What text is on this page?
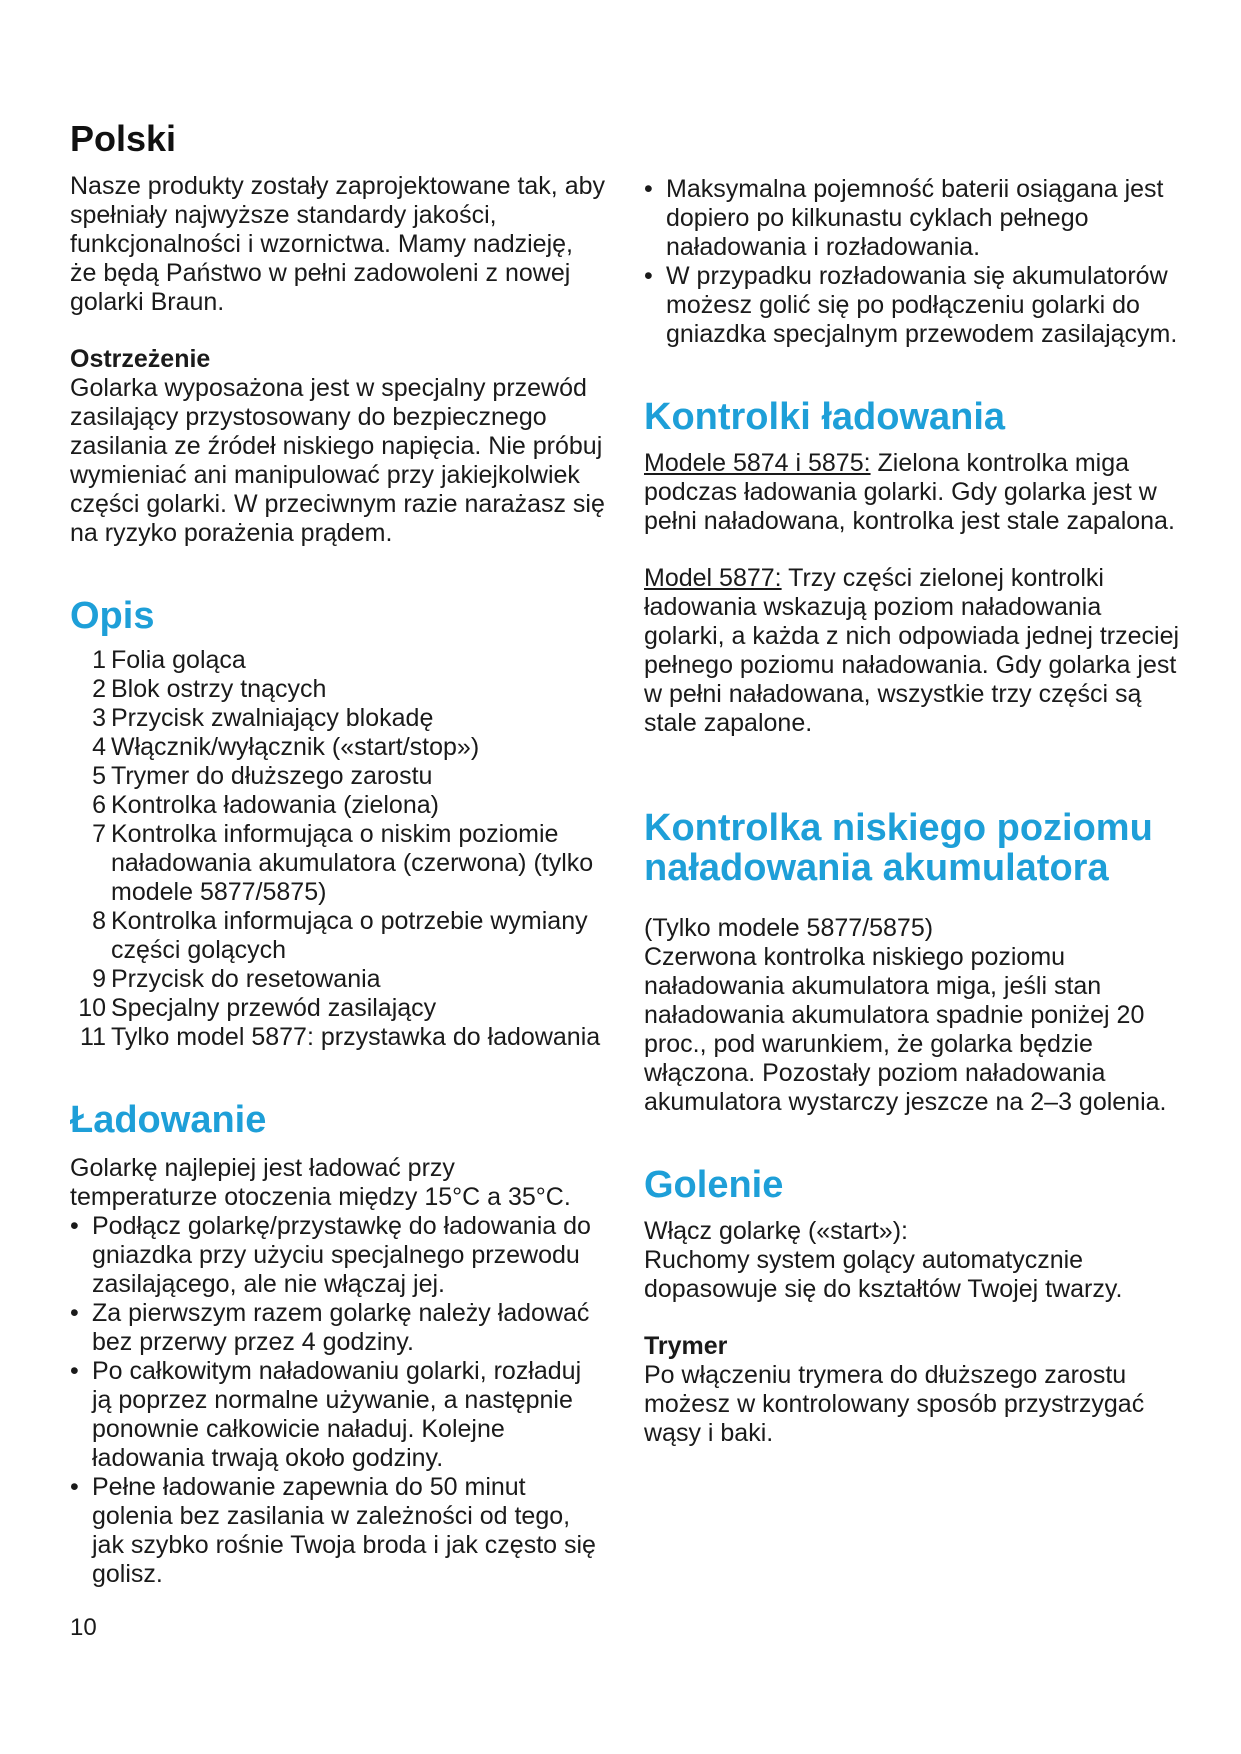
Polski

Nasze produkty zostały zaprojektowane tak, aby spełniały najwyższe standardy jakości, funkcjonalności i wzornictwa. Mamy nadzieję, że będą Państwo w pełni zadowoleni z nowej golarki Braun.

Ostrzeżenie

Golarka wyposażona jest w specjalny przewód zasilający przystosowany do bezpiecznego zasilania ze źródeł niskiego napięcia. Nie próbuj wymieniać ani manipulować przy jakiejkolwiek części golarki. W przeciwnym razie narażasz się na ryzyko porażenia prądem.

Opis
1 Folia goląca
2 Blok ostrzy tnących
3 Przycisk zwalniający blokadę
4 Włącznik/wyłącznik («start/stop»)
5 Trymer do dłuższego zarostu
6 Kontrolka ładowania (zielona)
7 Kontrolka informująca o niskim poziomie naładowania akumulatora (czerwona) (tylko modele 5877/5875)
8 Kontrolka informująca o potrzebie wymiany części golących
9 Przycisk do resetowania
10 Specjalny przewód zasilający
11 Tylko model 5877: przystawka do ładowania
Ładowanie

Golarkę najlepiej jest ładować przy temperaturze otoczenia między 15°C a 35°C.

• Podłącz golarkę/przystawkę do ładowania do gniazdka przy użyciu specjalnego przewodu zasilającego, ale nie włączaj jej.
• Za pierwszym razem golarkę należy ładować bez przerwy przez 4 godziny.
• Po całkowitym naładowaniu golarki, rozładuj ją poprzez normalne używanie, a następnie ponownie całkowicie naładuj. Kolejne ładowania trwają około godziny.
• Pełne ładowanie zapewnia do 50 minut golenia bez zasilania w zależności od tego, jak szybko rośnie Twoja broda i jak często się golisz.
• Maksymalna pojemność baterii osiągana jest dopiero po kilkunastu cyklach pełnego naładowania i rozładowania.
• W przypadku rozładowania się akumulatorów możesz golić się po podłączeniu golarki do gniazdka specjalnym przewodem zasilającym.
Kontrolki ładowania

Modele 5874 i 5875: Zielona kontrolka miga podczas ładowania golarki. Gdy golarka jest w pełni naładowana, kontrolka jest stale zapalona.

Model 5877: Trzy części zielonej kontrolki ładowania wskazują poziom naładowania golarki, a każda z nich odpowiada jednej trzeciej pełnego poziomu naładowania. Gdy golarka jest w pełni naładowana, wszystkie trzy części są stale zapalone.

Kontrolka niskiego poziomu naładowania akumulatora

(Tylko modele 5877/5875)

Czerwona kontrolka niskiego poziomu naładowania akumulatora miga, jeśli stan naładowania akumulatora spadnie poniżej 20 proc., pod warunkiem, że golarka będzie włączona. Pozostały poziom naładowania akumulatora wystarczy jeszcze na 2–3 golenia.

Golenie

Włącz golarkę («start»):

Ruchomy system golący automatycznie dopasowuje się do kształtów Twojej twarzy.

Trymer

Po włączeniu trymera do dłuższego zarostu możesz w kontrolowany sposób przystrzygać wąsy i baki.

10
